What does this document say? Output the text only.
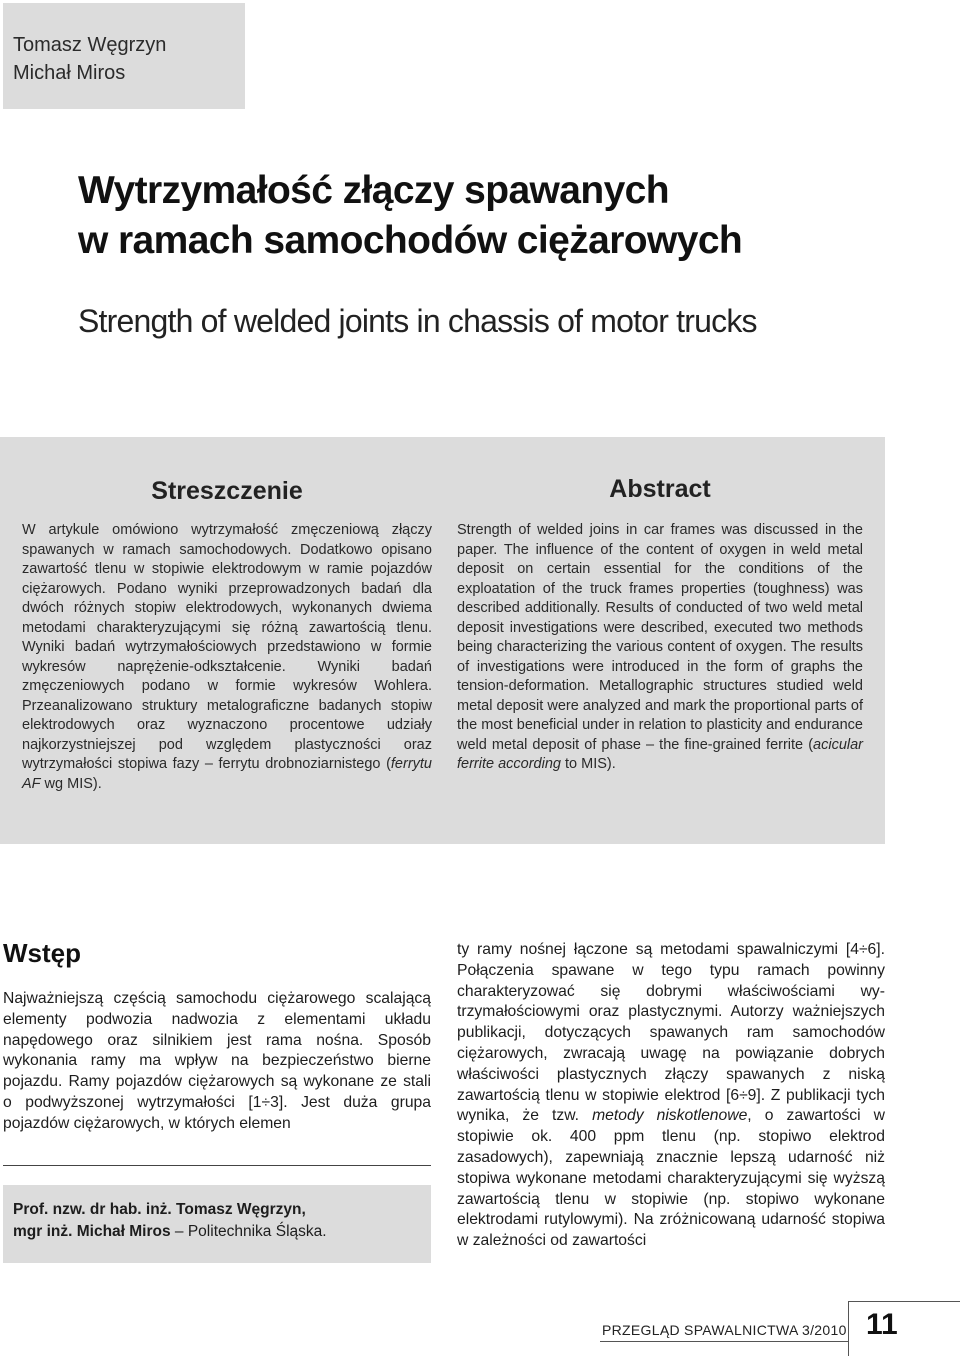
Tomasz Węgrzyn
Michał Miros
Wytrzymałość złączy spawanych
w ramach samochodów ciężarowych
Strength of welded joints in chassis of motor trucks
Streszczenie
W artykule omówiono wytrzymałość zmęczeniową złączy spawanych w ramach samochodowych. Dodatkowo opisano zawartość tlenu w stopiwie elektrodowym w ramie pojazdów ciężarowych. Podano wyniki przeprowadzonych badań dla dwóch różnych stopiw elektrodowych, wykonanych dwiema metodami charakteryzującymi się różną zawartością tlenu. Wyniki badań wytrzymałościowych przedstawiono w formie wykresów naprężenie-odkształcenie. Wyniki badań zmęczeniowych podano w formie wykresów Wohlera. Przeanalizowano struktury metalograficzne badanych stopiw elektrodowych oraz wyznaczono procentowe udziały najkorzystniejszej pod względem plastyczności oraz wytrzymałości stopiwa fazy – ferrytu drobnoziarnistego (ferrytu AF wg MIS).
Abstract
Strength of welded joins in car frames was discussed in the paper. The influence of the content of oxygen in weld metal deposit on certain essential for the conditions of the exploatation of the truck frames properties (toughness) was described additionally. Results of conducted of two weld metal deposit investigations were described, executed two methods being characterizing the various content of oxygen. The results of investigations were introduced in the form of graphs the tension-deformation. Metallographic structures studied weld metal deposit were analyzed and mark the proportional parts of the most beneficial under in relation to plasticity and endurance weld metal deposit of phase – the fine-grained ferrite (acicular ferrite according to MIS).
Wstęp
Najważniejszą częścią samochodu ciężarowego scalającą elementy podwozia nadwozia z elementami układu napędowego oraz silnikiem jest rama nośna. Sposób wykonania ramy ma wpływ na bezpieczeństwo bierne pojazdu. Ramy pojazdów ciężarowych są wykonane ze stali o podwyższonej wytrzymałości [1÷3]. Jest duża grupa pojazdów ciężarowych, w których elemen
ty ramy nośnej łączone są metodami spawalniczymi [4÷6]. Połączenia spawane w tego typu ramach powinny charakteryzować się dobrymi właściwościami wytrzymałościowymi oraz plastycznymi. Autorzy ważniejszych publikacji, dotyczących spawanych ram samochodów ciężarowych, zwracają uwagę na powiązanie dobrych właściwości plastycznych złączy spawanych z niską zawartością tlenu w stopiwie elektrod [6÷9]. Z publikacji tych wynika, że tzw. metody niskotlenowe, o zawartości w stopiwie ok. 400 ppm tlenu (np. stopiwo elektrod zasadowych), zapewniają znacznie lepszą udarność niż stopiwa wykonane metodami charakteryzującymi się wyższą zawartością tlenu w stopiwie (np. stopiwo wykonane elektrodami rutylowymi). Na zróżnicowaną udarność stopiwa w zależności od zawartości
Prof. nzw. dr hab. inż. Tomasz Węgrzyn,
mgr inż. Michał Miros – Politechnika Śląska.
PRZEGLĄD SPAWALNICTWA 3/2010 11
